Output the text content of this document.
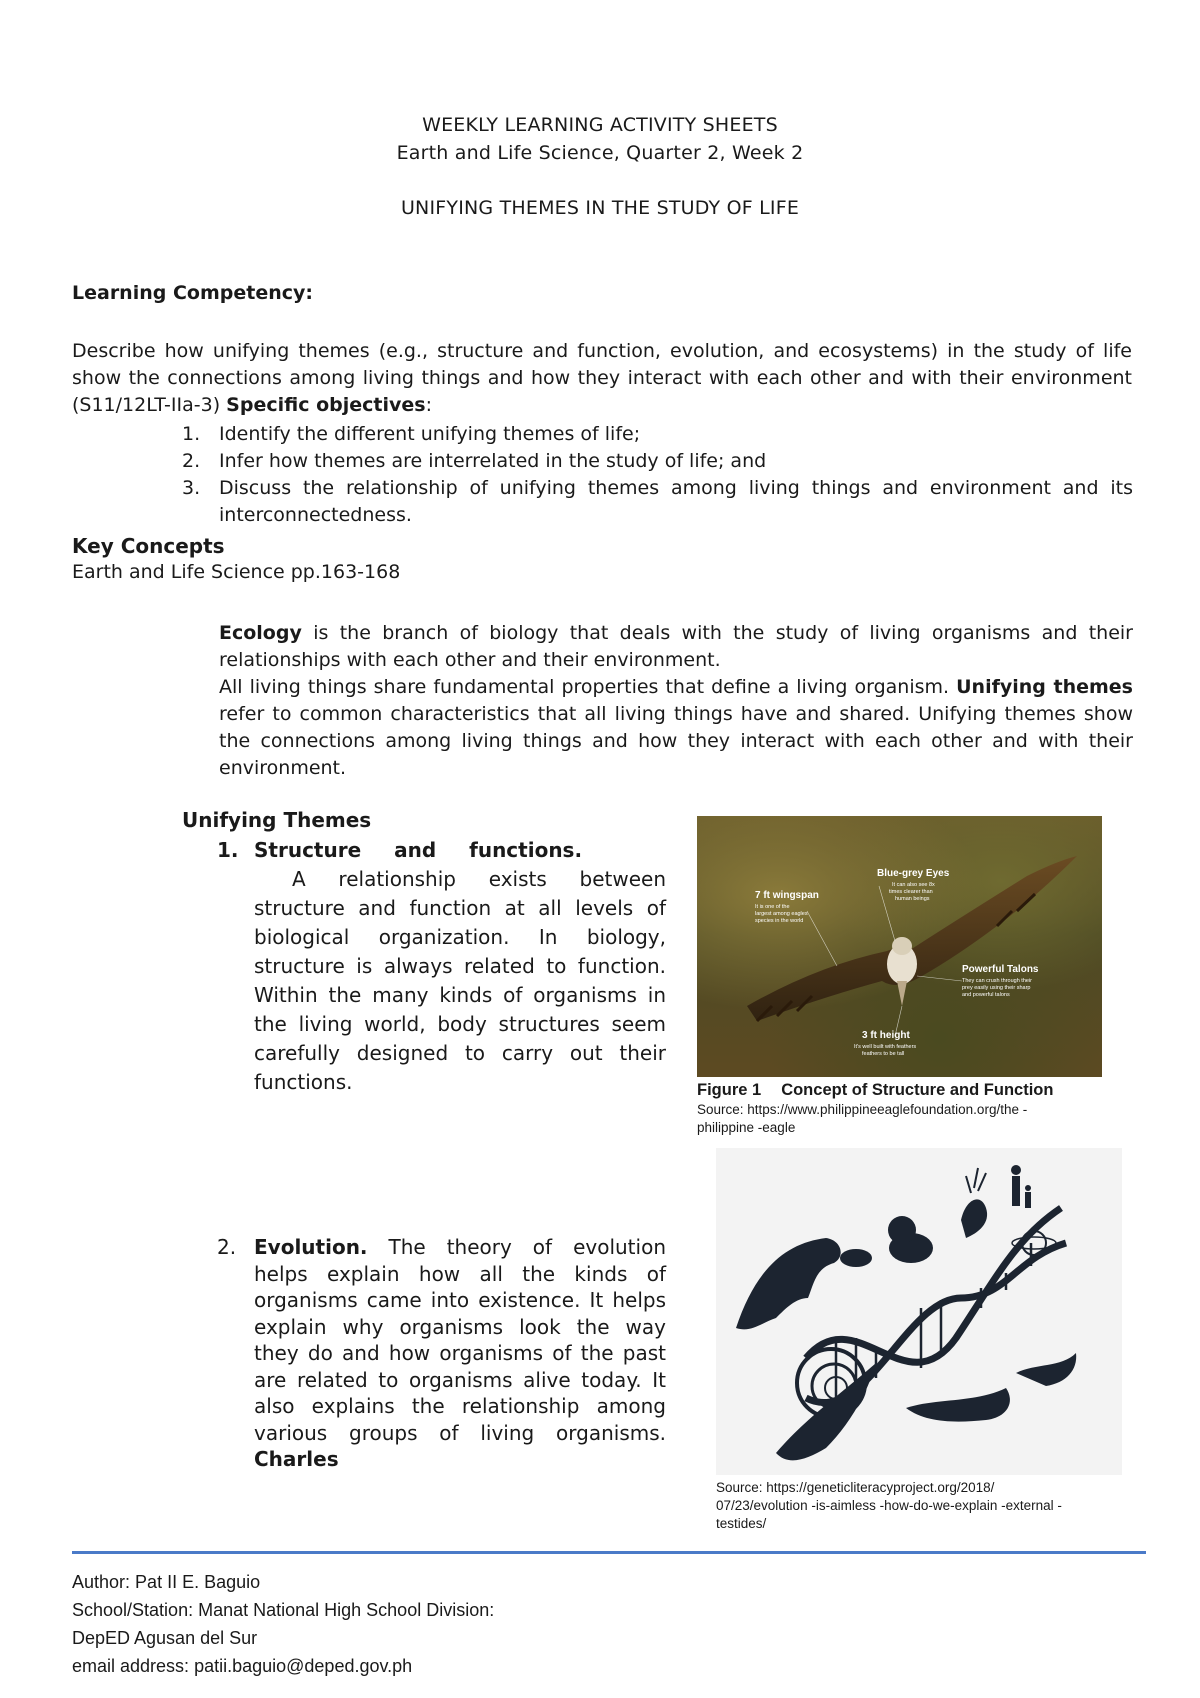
WEEKLY LEARNING ACTIVITY SHEETS
Earth and Life Science, Quarter 2, Week 2
UNIFYING THEMES IN THE STUDY OF LIFE
Learning Competency:
Describe how unifying themes (e.g., structure and function, evolution, and ecosystems) in the study of life show the connections among living things and how they interact with each other and with their environment (S11/12LT-IIa-3) Specific objectives:
1. Identify the different unifying themes of life;
2. Infer how themes are interrelated in the study of life; and
3. Discuss the relationship of unifying themes among living things and environment and its interconnectedness.
Key Concepts
Earth and Life Science pp.163-168
Ecology is the branch of biology that deals with the study of living organisms and their relationships with each other and their environment.
All living things share fundamental properties that define a living organism. Unifying themes refer to common characteristics that all living things have and shared. Unifying themes show the connections among living things and how they interact with each other and with their environment.
Unifying Themes
1. Structure and functions.
A relationship exists between structure and function at all levels of biological organization. In biology, structure is always related to function. Within the many kinds of organisms in the living world, body structures seem carefully designed to carry out their functions.
2. Evolution. The theory of evolution helps explain how all the kinds of organisms came into existence. It helps explain why organisms look the way they do and how organisms of the past are related to organisms alive today. It also explains the relationship among various groups of living organisms. Charles
Blue-grey Eyes
It can also see 8x
times clearer than
human beings
7 ft wingspan
It is one of the
largest among eagles
species in the world
Powerful Talons
They can crush through their
prey easily using their sharp
and powerful talons
3 ft height
It's well built with feathers
feathers to be tall
Figure 1 Concept of Structure and Function
Source: https://www.philippineeaglefoundation.org/the -
philippine -eagle
Source: https://geneticliteracyproject.org/2018/
07/23/evolution -is-aimless -how-do-we-explain -external -
testides/
Author: Pat II E. Baguio
School/Station: Manat National High School Division:
DepED Agusan del Sur
email address: patii.baguio@deped.gov.ph
